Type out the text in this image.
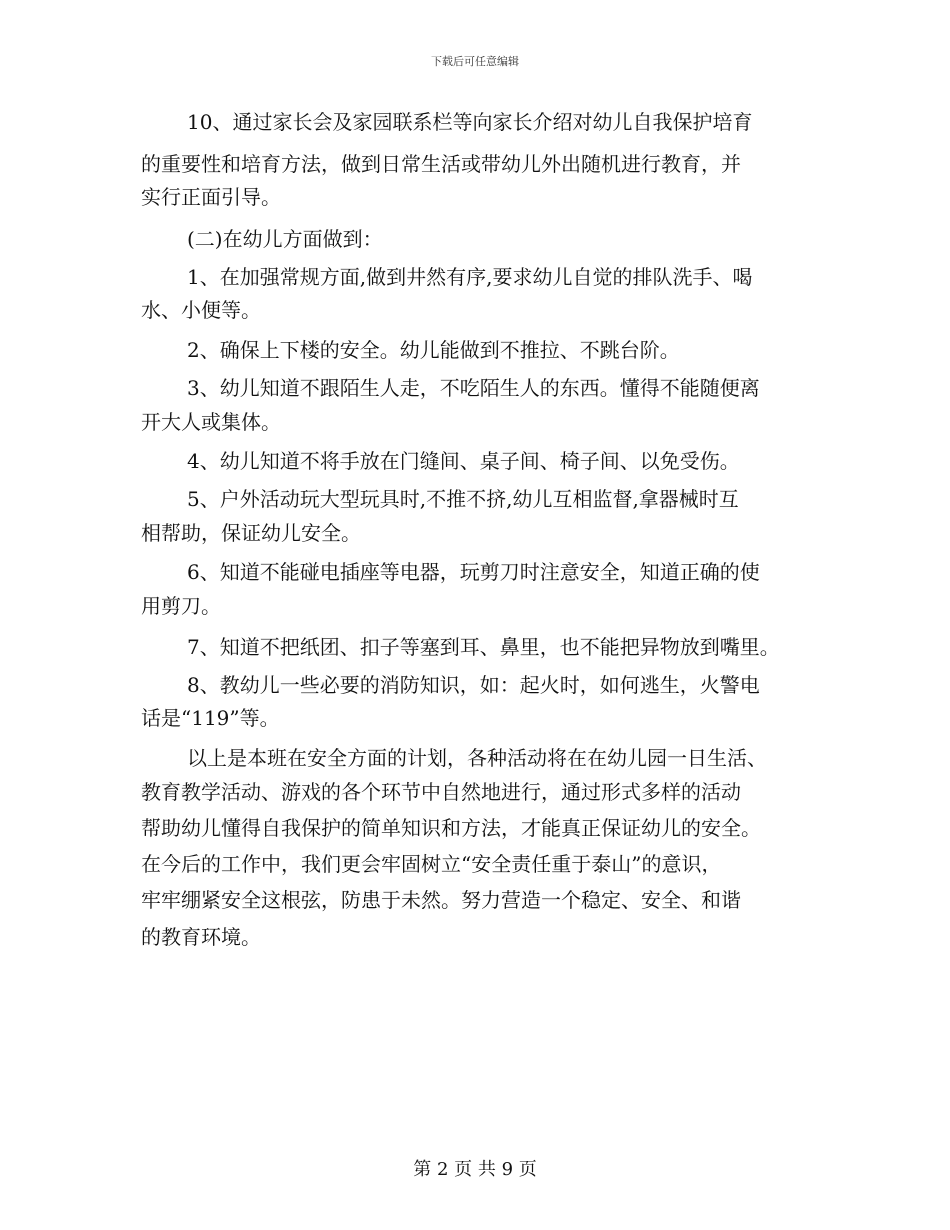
下载后可任意编辑
10、通过家长会及家园联系栏等向家长介绍对幼儿自我保护培育
的重要性和培育方法，做到日常生活或带幼儿外出随机进行教育，并
实行正面引导。
(二)在幼儿方面做到：
1、在加强常规方面,做到井然有序,要求幼儿自觉的排队洗手、喝
水、小便等。
2、确保上下楼的安全。幼儿能做到不推拉、不跳台阶。
3、幼儿知道不跟陌生人走，不吃陌生人的东西。懂得不能随便离
开大人或集体。
4、幼儿知道不将手放在门缝间、桌子间、椅子间、以免受伤。
5、户外活动玩大型玩具时,不推不挤,幼儿互相监督,拿器械时互
相帮助，保证幼儿安全。
6、知道不能碰电插座等电器，玩剪刀时注意安全，知道正确的使
用剪刀。
7、知道不把纸团、扣子等塞到耳、鼻里，也不能把异物放到嘴里。
8、教幼儿一些必要的消防知识，如：起火时，如何逃生，火警电
话是“119”等。
以上是本班在安全方面的计划，各种活动将在在幼儿园一日生活、
教育教学活动、游戏的各个环节中自然地进行，通过形式多样的活动
帮助幼儿懂得自我保护的简单知识和方法，才能真正保证幼儿的安全。
在今后的工作中，我们更会牢固树立“安全责任重于泰山”的意识，
牢牢绷紧安全这根弦，防患于未然。努力营造一个稳定、安全、和谐
的教育环境。
第 2 页 共 9 页
